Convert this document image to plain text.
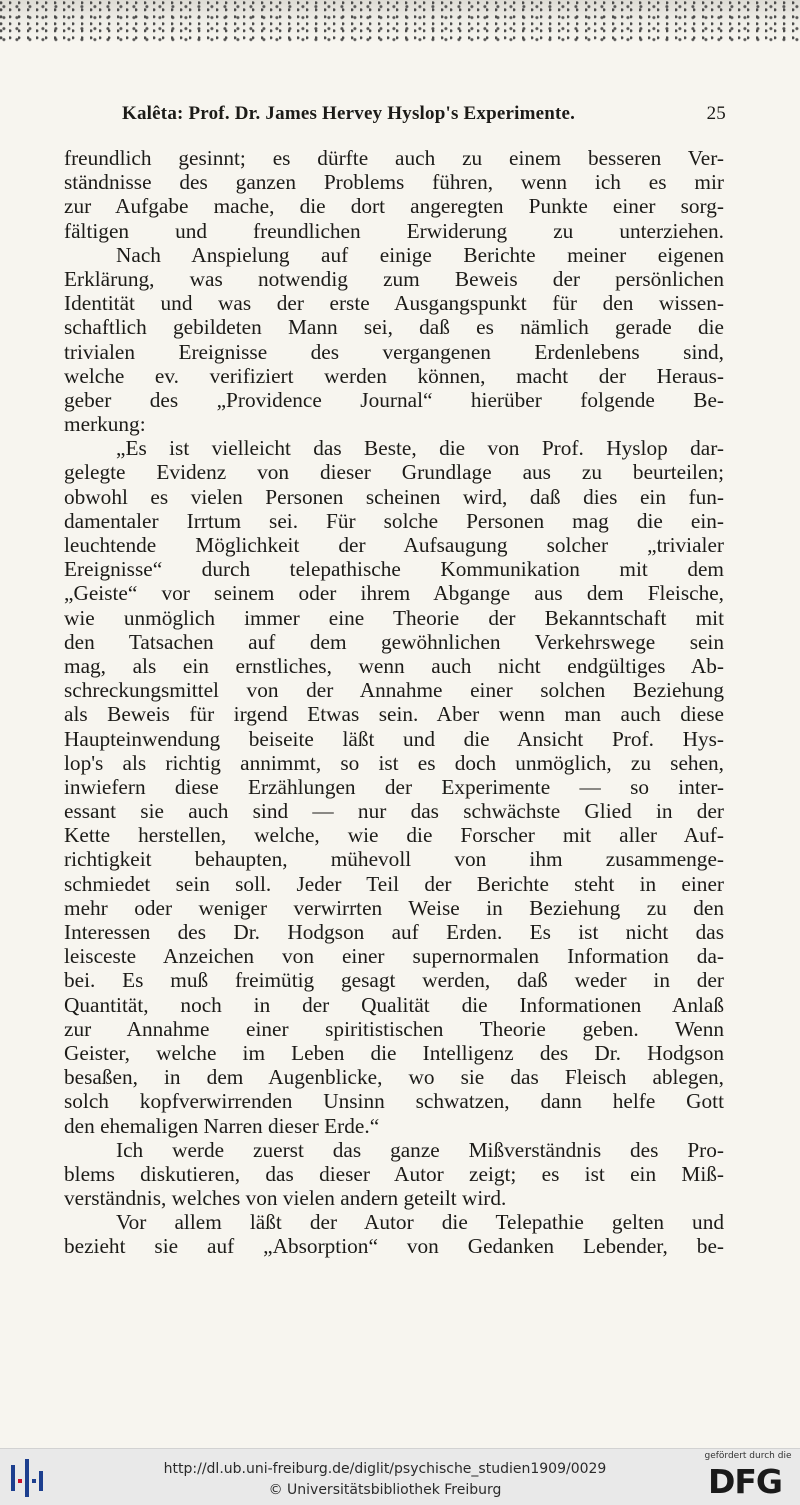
Kalêta: Prof. Dr. James Hervey Hyslop's Experimente.	25
freundlich gesinnt; es dürfte auch zu einem besseren Ver-
ständnisse des ganzen Problems führen, wenn ich es mir
zur Aufgabe mache, die dort angeregten Punkte einer sorg-
fältigen und freundlichen Erwiderung zu unterziehen.
Nach Anspielung auf einige Berichte meiner eigenen
Erklärung, was notwendig zum Beweis der persönlichen
Identität und was der erste Ausgangspunkt für den wissen-
schaftlich gebildeten Mann sei, daß es nämlich gerade die
trivialen Ereignisse des vergangenen Erdenlebens sind,
welche ev. verifiziert werden können, macht der Heraus-
geber des „Providence Journal“ hierüber folgende Be-
merkung:
„Es ist vielleicht das Beste, die von Prof. Hyslop dar-
gelegte Evidenz von dieser Grundlage aus zu beurteilen;
obwohl es vielen Personen scheinen wird, daß dies ein fun-
damentaler Irrtum sei. Für solche Personen mag die ein-
leuchtende Möglichkeit der Aufsaugung solcher „trivialer
Ereignisse“ durch telepathische Kommunikation mit dem
„Geiste“ vor seinem oder ihrem Abgange aus dem Fleische,
wie unmöglich immer eine Theorie der Bekanntschaft mit
den Tatsachen auf dem gewöhnlichen Verkehrswege sein
mag, als ein ernstliches, wenn auch nicht endgültiges Ab-
schreckungsmittel von der Annahme einer solchen Beziehung
als Beweis für irgend Etwas sein. Aber wenn man auch diese
Haupteinwendung beiseite läßt und die Ansicht Prof. Hys-
lop's als richtig annimmt, so ist es doch unmöglich, zu sehen,
inwiefern diese Erzählungen der Experimente — so inter-
essant sie auch sind — nur das schwächste Glied in der
Kette herstellen, welche, wie die Forscher mit aller Auf-
richtigkeit behaupten, mühevoll von ihm zusammenge-
schmiedet sein soll. Jeder Teil der Berichte steht in einer
mehr oder weniger verwirrten Weise in Beziehung zu den
Interessen des Dr. Hodgson auf Erden. Es ist nicht das
leisceste Anzeichen von einer supernormalen Information da-
bei. Es muß freimütig gesagt werden, daß weder in der
Quantität, noch in der Qualität die Informationen Anlaß
zur Annahme einer spiritistischen Theorie geben. Wenn
Geister, welche im Leben die Intelligenz des Dr. Hodgson
besaßen, in dem Augenblicke, wo sie das Fleisch ablegen,
solch kopfverwirrenden Unsinn schwatzen, dann helfe Gott
den ehemaligen Narren dieser Erde.“
Ich werde zuerst das ganze Mißverständnis des Pro-
blems diskutieren, das dieser Autor zeigt; es ist ein Miß-
verständnis, welches von vielen andern geteilt wird.
Vor allem läßt der Autor die Telepathie gelten und
bezieht sie auf „Absorption“ von Gedanken Lebender, be-
http://dl.ub.uni-freiburg.de/diglit/psychische_studien1909/0029
© Universitätsbibliothek Freiburg
gefördert durch die
DFG
